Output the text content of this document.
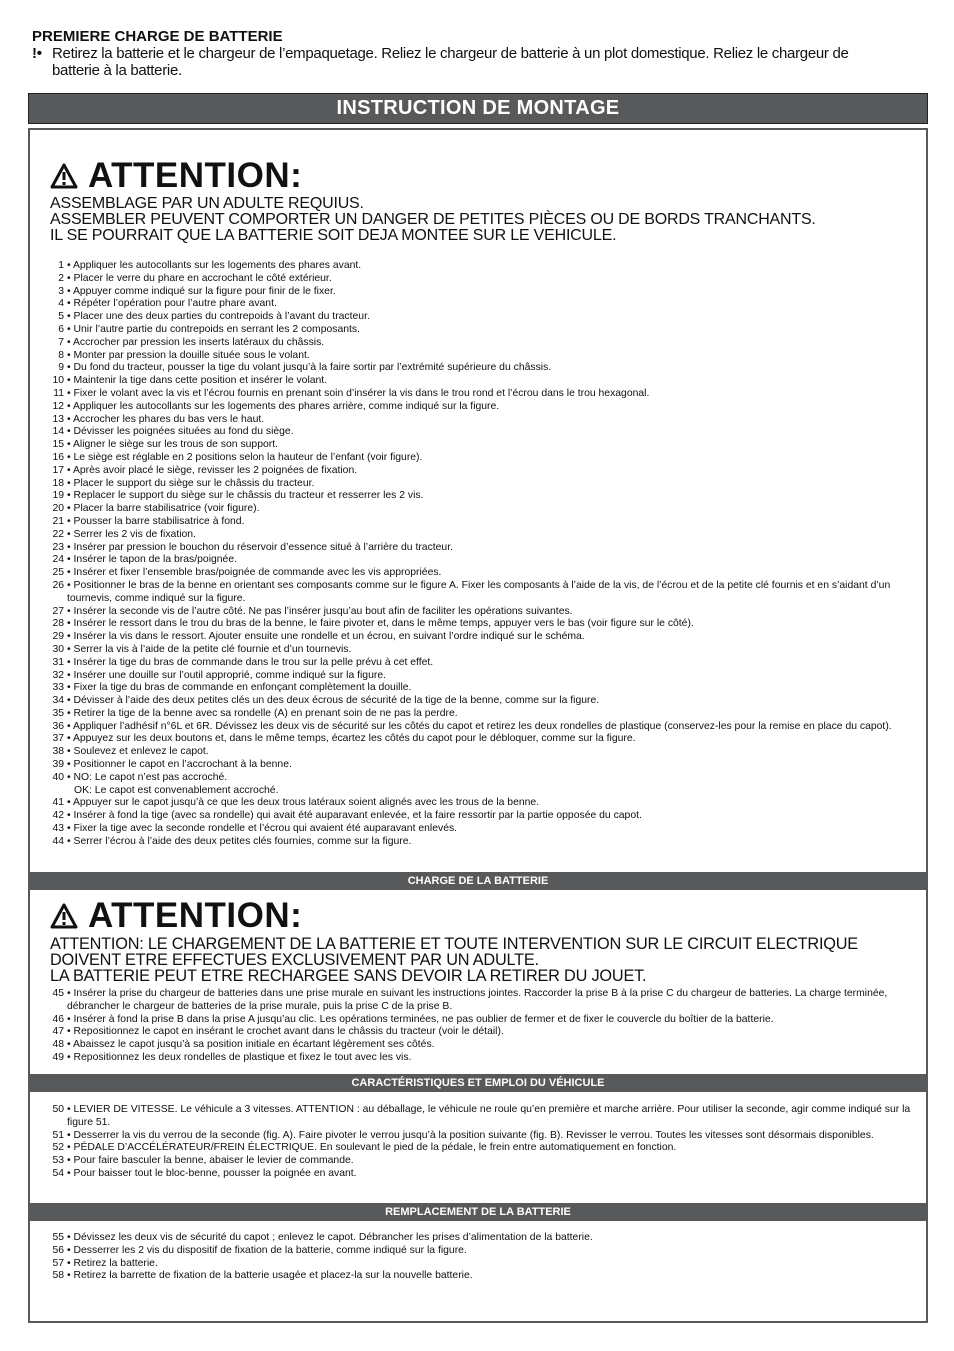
PREMIERE CHARGE DE BATTERIE
!• Retirez la batterie et le chargeur de l’empaquetage. Reliez le chargeur de batterie à un plot domestique. Reliez le chargeur de
batterie à la batterie.
INSTRUCTION DE MONTAGE
ATTENTION:
ASSEMBLAGE PAR UN ADULTE REQUIUS.
ASSEMBLER PEUVENT COMPORTER UN DANGER DE PETITES PIÈCES OU DE BORDS TRANCHANTS.
IL SE POURRAIT QUE LA BATTERIE SOIT DEJA MONTEE SUR LE VEHICULE.
1 • Appliquer les autocollants sur les logements des phares avant.
2 • Placer le verre du phare en accrochant le côté extérieur.
3 • Appuyer comme indiqué sur la figure pour finir de le fixer.
4 • Répéter l’opération pour l’autre phare avant.
5 • Placer une des deux parties du contrepoids à l’avant du tracteur.
6 • Unir l’autre partie du contrepoids en serrant les 2 composants.
7 • Accrocher par pression les inserts latéraux du châssis.
8 • Monter par pression la douille située sous le volant.
9 • Du fond du tracteur, pousser la tige du volant jusqu’à la faire sortir par l’extrémité supérieure du châssis.
10 • Maintenir la tige dans cette position et insérer le volant.
11 • Fixer le volant avec la vis et l’écrou fournis en prenant soin d’insérer la vis dans le trou rond et l’écrou dans le trou hexagonal.
12 • Appliquer les autocollants sur les logements des phares arrière, comme indiqué sur la figure.
13 • Accrocher les phares du bas vers le haut.
14 • Dévisser les poignées situées au fond du siège.
15 • Aligner le siège sur les trous de son support.
16 • Le siège est réglable en 2 positions selon la hauteur de l’enfant (voir figure).
17 • Après avoir placé le siège, revisser les 2 poignées de fixation.
18 • Placer le support du siège sur le châssis du tracteur.
19 • Replacer le support du siège sur le châssis du tracteur et resserrer les 2 vis.
20 • Placer la barre stabilisatrice (voir figure).
21 • Pousser la barre stabilisatrice à fond.
22 • Serrer les 2 vis de fixation.
23 • Insérer par pression le bouchon du réservoir d’essence situé à l’arrière du tracteur.
24 • Insérer le tapon de la bras/poignée.
25 • Insérer et fixer l’ensemble bras/poignée de commande avec les vis appropriées.
26 • Positionner le bras de la benne en orientant ses composants comme sur le figure A. Fixer les composants à l’aide de la vis, de l’écrou et de la petite clé fournis et en s’aidant d’un tournevis, comme indiqué sur la figure.
27 • Insérer la seconde vis de l’autre côté. Ne pas l’insérer jusqu’au bout afin de faciliter les opérations suivantes.
28 • Insérer le ressort dans le trou du bras de la benne, le faire pivoter et, dans le même temps, appuyer vers le bas (voir figure sur le côté).
29 • Insérer la vis dans le ressort. Ajouter ensuite une rondelle et un écrou, en suivant l’ordre indiqué sur le schéma.
30 • Serrer la vis à l’aide de la petite clé fournie et d’un tournevis.
31 • Insérer la tige du bras de commande dans le trou sur la pelle prévu à cet effet.
32 • Insérer une douille sur l’outil approprié, comme indiqué sur la figure.
33 • Fixer la tige du bras de commande en enfonçant complètement la douille.
34 • Dévisser à l’aide des deux petites clés un des deux écrous de sécurité de la tige de la benne, comme sur la figure.
35 • Retirer la tige de la benne avec sa rondelle (A) en prenant soin de ne pas la perdre.
36 • Appliquer l’adhésif n°6L et 6R. Dévissez les deux vis de sécurité sur les côtés du capot et retirez les deux rondelles de plastique (conservez-les pour la remise en place du capot).
37 • Appuyez sur les deux boutons et, dans le même temps, écartez les côtés du capot pour le débloquer, comme sur la figure.
38 • Soulevez et enlevez le capot.
39 • Positionner le capot en l’accrochant à la benne.
40 • NO: Le capot n’est pas accroché.
OK: Le capot est convenablement accroché.
41 • Appuyer sur le capot jusqu’à ce que les deux trous latéraux soient alignés avec les trous de la benne.
42 • Insérer à fond la tige (avec sa rondelle) qui avait été auparavant enlevée, et la faire ressortir par la partie opposée du capot.
43 • Fixer la tige avec la seconde rondelle et l’écrou qui avaient été auparavant enlevés.
44 • Serrer l’écrou à l’aide des deux petites clés fournies, comme sur la figure.
CHARGE DE LA BATTERIE
ATTENTION:
ATTENTION: LE CHARGEMENT DE LA BATTERIE ET TOUTE INTERVENTION SUR LE CIRCUIT ELECTRIQUE
DOIVENT ETRE EFFECTUES EXCLUSIVEMENT PAR UN ADULTE.
LA BATTERIE PEUT ETRE RECHARGEE SANS DEVOIR LA RETIRER DU JOUET.
45 • Insérer la prise du chargeur de batteries dans une prise murale en suivant les instructions jointes. Raccorder la prise B à la prise C du chargeur de batteries. La charge terminée, débrancher le chargeur de batteries de la prise murale, puis la prise C de la prise B.
46 • Insérer à fond la prise B dans la prise A jusqu’au clic. Les opérations terminées, ne pas oublier de fermer et de fixer le couvercle du boîtier de la batterie.
47 • Repositionnez le capot en insérant le crochet avant dans le châssis du tracteur (voir le détail).
48 • Abaissez le capot jusqu’à sa position initiale en écartant légèrement ses côtés.
49 • Repositionnez les deux rondelles de plastique et fixez le tout avec les vis.
CARACTÉRISTIQUES ET EMPLOI DU VÉHICULE
50 • LEVIER DE VITESSE. Le véhicule a 3 vitesses. ATTENTION : au déballage, le véhicule ne roule qu’en première et marche arrière. Pour utiliser la seconde, agir comme indiqué sur la figure 51.
51 • Desserrer la vis du verrou de la seconde (fig. A). Faire pivoter le verrou jusqu’à la position suivante (fig. B). Revisser le verrou. Toutes les vitesses sont désormais disponibles.
52 • PÉDALE D’ACCÉLÉRATEUR/FREIN ÉLECTRIQUE. En soulevant le pied de la pédale, le frein entre automatiquement en fonction.
53 • Pour faire basculer la benne, abaiser le levier de commande.
54 • Pour baisser tout le bloc-benne, pousser la poignée en avant.
REMPLACEMENT DE LA BATTERIE
55 • Dévissez les deux vis de sécurité du capot ; enlevez le capot. Débrancher les prises d’alimentation de la batterie.
56 • Desserrer les 2 vis du dispositif de fixation de la batterie, comme indiqué sur la figure.
57 • Retirez la batterie.
58 • Retirez la barrette de fixation de la batterie usagée et placez-la sur la nouvelle batterie.
